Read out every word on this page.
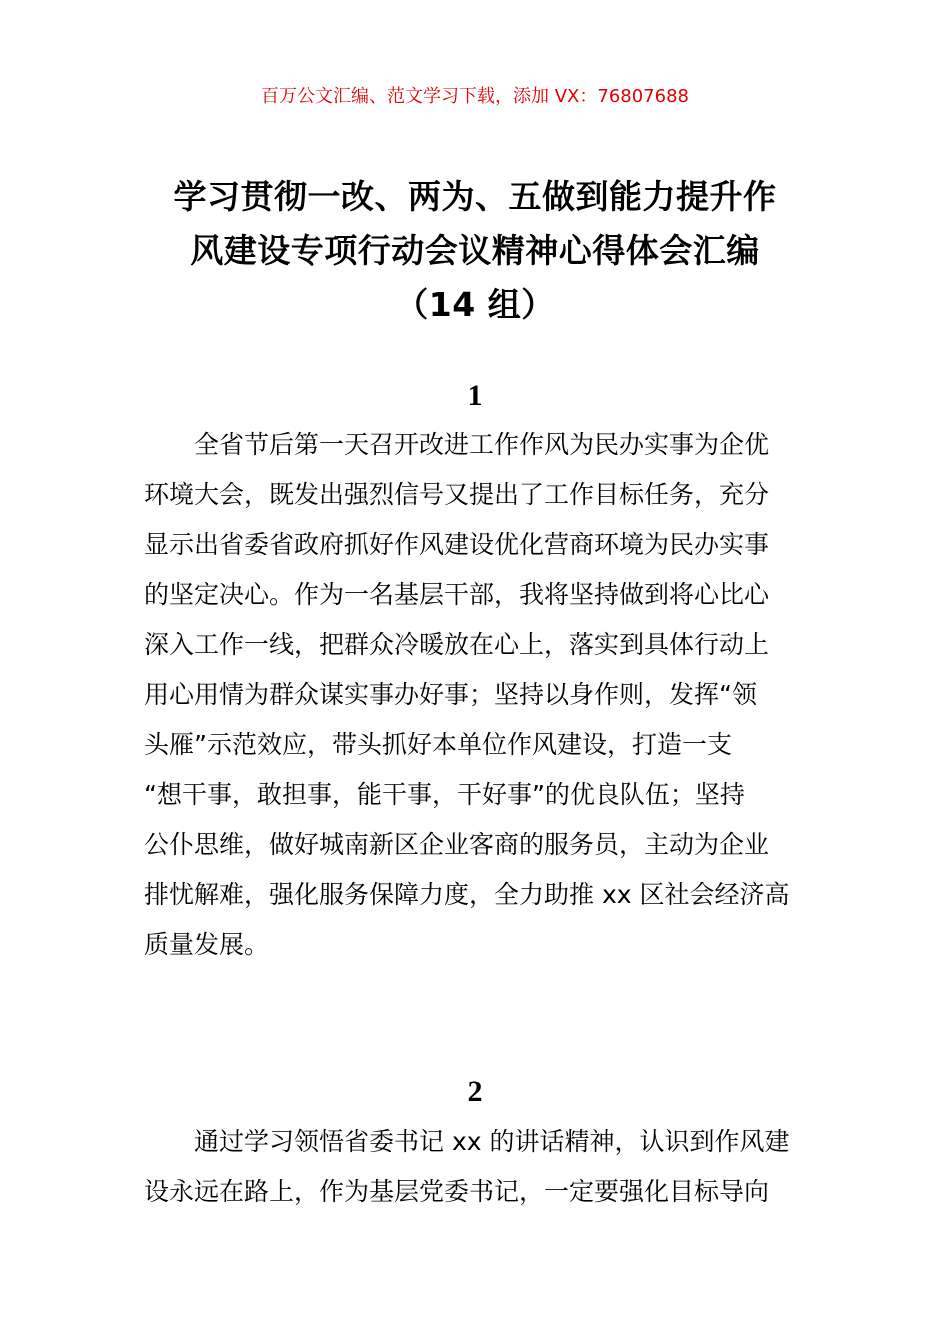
百万公文汇编、范文学习下载，添加 VX：76807688
学习贯彻一改、两为、五做到能力提升作
风建设专项行动会议精神心得体会汇编
（14 组）
1
全省节后第一天召开改进工作作风为民办实事为企优
环境大会，既发出强烈信号又提出了工作目标任务，充分
显示出省委省政府抓好作风建设优化营商环境为民办实事
的坚定决心。作为一名基层干部，我将坚持做到将心比心
深入工作一线，把群众冷暖放在心上，落实到具体行动上
用心用情为群众谋实事办好事；坚持以身作则，发挥“领
头雁”示范效应，带头抓好本单位作风建设，打造一支
“想干事，敢担事，能干事，干好事”的优良队伍；坚持
公仆思维，做好城南新区企业客商的服务员，主动为企业
排忧解难，强化服务保障力度，全力助推 xx 区社会经济高
质量发展。
2
通过学习领悟省委书记 xx 的讲话精神，认识到作风建
设永远在路上，作为基层党委书记，一定要强化目标导向
